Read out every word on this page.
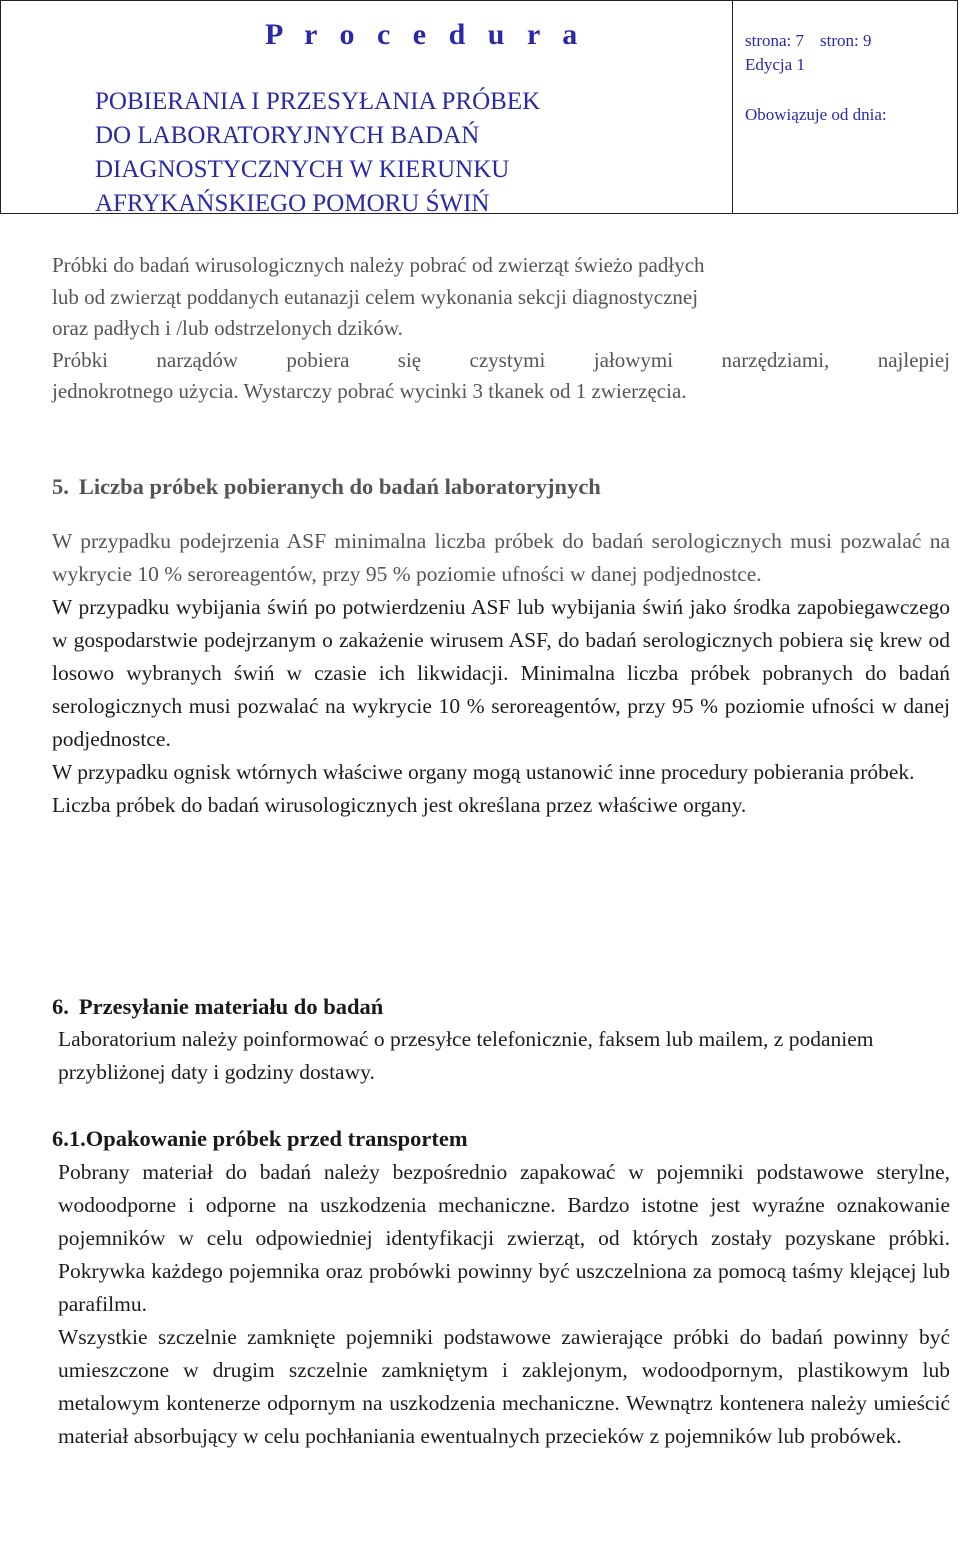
P r o c e d u r a
POBIERANIA I PRZESYŁANIA PRÓBEK
DO LABORATORYJNYCH BADAŃ
DIAGNOSTYCZNYCH W KIERUNKU
AFRYKAŃSKIEGO POMORU ŚWIŃ
strona: 7 stron: 9
Edycja 1
Obowiązuje od dnia:
Próbki do badań wirusologicznych należy pobrać od zwierząt świeżo padłych
lub od zwierząt poddanych eutanazji celem wykonania sekcji diagnostycznej
oraz padłych i /lub odstrzelonych dzików.
Próbki narządów pobiera się czystymi jałowymi narzędziami, najlepiej
jednokrotnego użycia. Wystarczy pobrać wycinki 3 tkanek od 1 zwierzęcia.
5. Liczba próbek pobieranych do badań laboratoryjnych

W przypadku podejrzenia ASF minimalna liczba próbek do badań serologicznych musi pozwalać na wykrycie 10 % seroreagentów, przy 95 % poziomie ufności w danej podjednostce.

W przypadku wybijania świń po potwierdzeniu ASF lub wybijania świń jako środka zapobiegawczego w gospodarstwie podejrzanym o zakażenie wirusem ASF, do badań serologicznych pobiera się krew od losowo wybranych świń w czasie ich likwidacji. Minimalna liczba próbek pobranych do badań serologicznych musi pozwalać na wykrycie 10 % seroreagentów, przy 95 % poziomie ufności w danej podjednostce.

W przypadku ognisk wtórnych właściwe organy mogą ustanowić inne procedury pobierania próbek.

Liczba próbek do badań wirusologicznych jest określana przez właściwe organy.

6. Przesyłanie materiału do badań

Laboratorium należy poinformować o przesyłce telefonicznie, faksem lub mailem, z podaniem przybliżonej daty i godziny dostawy.

6.1.Opakowanie próbek przed transportem

Pobrany materiał do badań należy bezpośrednio zapakować w pojemniki podstawowe sterylne, wodoodporne i odporne na uszkodzenia mechaniczne. Bardzo istotne jest wyraźne oznakowanie pojemników w celu odpowiedniej identyfikacji zwierząt, od których zostały pozyskane próbki. Pokrywka każdego pojemnika oraz probówki powinny być uszczelniona za pomocą taśmy klejącej lub parafilmu.

Wszystkie szczelnie zamknięte pojemniki podstawowe zawierające próbki do badań powinny być umieszczone w drugim szczelnie zamkniętym i zaklejonym, wodoodpornym, plastikowym lub metalowym kontenerze odpornym na uszkodzenia mechaniczne. Wewnątrz kontenera należy umieścić materiał absorbujący w celu pochłaniania ewentualnych przecieków z pojemników lub probówek.
